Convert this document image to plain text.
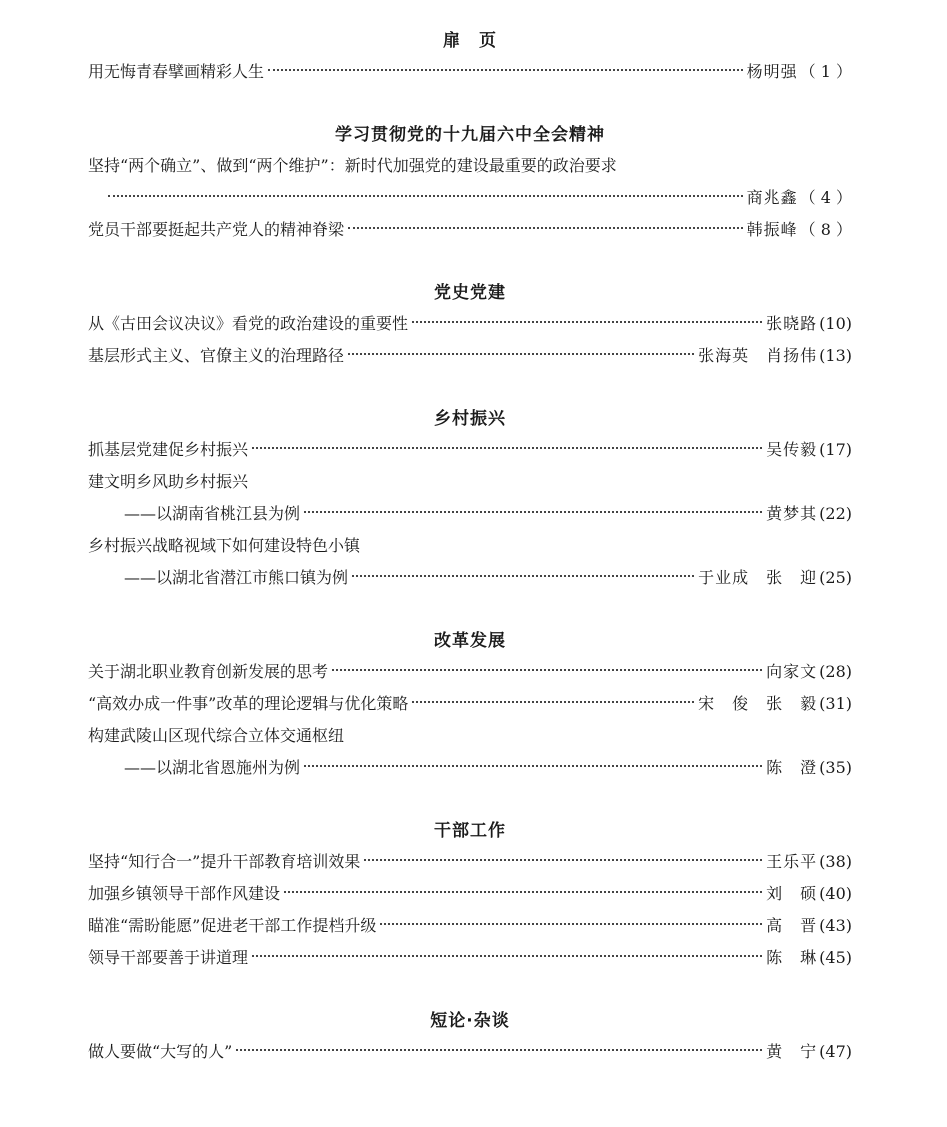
扉　页
用无悔青春擘画精彩人生	杨明强 （ 1 ）
学习贯彻党的十九届六中全会精神
坚持“两个确立”、做到“两个维护”：新时代加强党的建设最重要的政治要求
商兆鑫 （ 4 ）
党员干部要挺起共产党人的精神脊梁	韩振峰 （ 8 ）
党史党建
从《古田会议决议》看党的政治建设的重要性	张晓路 (10)
基层形式主义、官僚主义的治理路径	张海英　肖扬伟 (13)
乡村振兴
抓基层党建促乡村振兴	吴传毅 (17)
建文明乡风助乡村振兴
——以湖南省桃江县为例	黄梦其 (22)
乡村振兴战略视域下如何建设特色小镇
——以湖北省潜江市熊口镇为例	于业成　张　迎 (25)
改革发展
关于湖北职业教育创新发展的思考	向家文 (28)
“高效办成一件事”改革的理论逻辑与优化策略	宋　俊　张　毅 (31)
构建武陵山区现代综合立体交通枢纽
——以湖北省恩施州为例	陈　澄 (35)
干部工作
坚持“知行合一”提升干部教育培训效果	王乐平 (38)
加强乡镇领导干部作风建设	刘　硕 (40)
瞄准“需盼能愿”促进老干部工作提档升级	高　晋 (43)
领导干部要善于讲道理	陈　琳 (45)
短论·杂谈
做人要做“大写的人”	黄　宁 (47)
